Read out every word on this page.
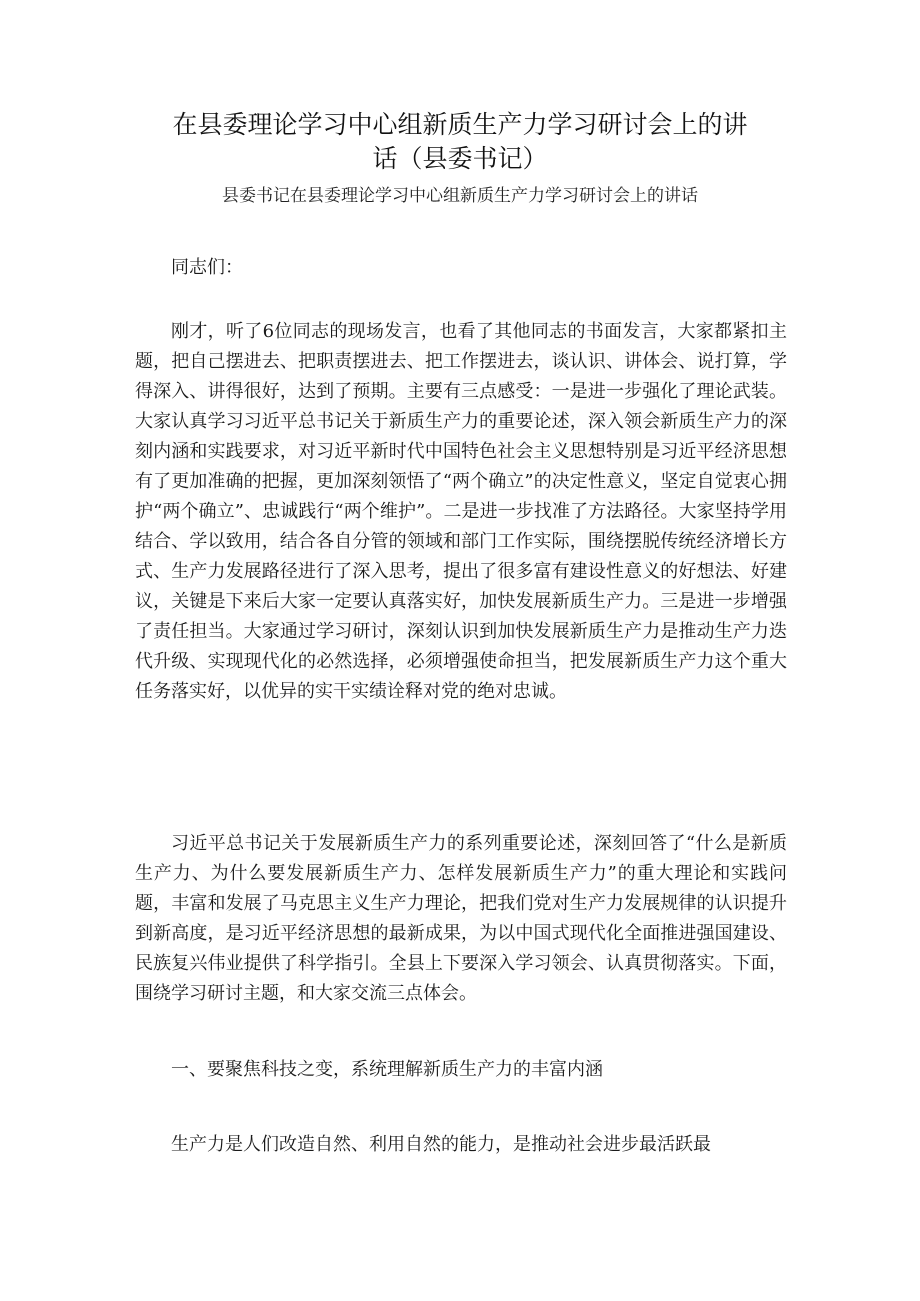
在县委理论学习中心组新质生产力学习研讨会上的讲
话（县委书记）

县委书记在县委理论学习中心组新质生产力学习研讨会上的讲话

同志们：

刚才，听了6位同志的现场发言，也看了其他同志的书面发言，大家都紧扣主题，把自己摆进去、把职责摆进去、把工作摆进去，谈认识、讲体会、说打算，学得深入、讲得很好，达到了预期。主要有三点感受：一是进一步强化了理论武装。大家认真学习习近平总书记关于新质生产力的重要论述，深入领会新质生产力的深刻内涵和实践要求，对习近平新时代中国特色社会主义思想特别是习近平经济思想有了更加准确的把握，更加深刻领悟了“两个确立”的决定性意义，坚定自觉衷心拥护“两个确立”、忠诚践行“两个维护”。二是进一步找准了方法路径。大家坚持学用结合、学以致用，结合各自分管的领域和部门工作实际，围绕摆脱传统经济增长方式、生产力发展路径进行了深入思考，提出了很多富有建设性意义的好想法、好建议，关键是下来后大家一定要认真落实好，加快发展新质生产力。三是进一步增强了责任担当。大家通过学习研讨，深刻认识到加快发展新质生产力是推动生产力迭代升级、实现现代化的必然选择，必须增强使命担当，把发展新质生产力这个重大任务落实好，以优异的实干实绩诠释对党的绝对忠诚。

习近平总书记关于发展新质生产力的系列重要论述，深刻回答了“什么是新质生产力、为什么要发展新质生产力、怎样发展新质生产力”的重大理论和实践问题，丰富和发展了马克思主义生产力理论，把我们党对生产力发展规律的认识提升到新高度，是习近平经济思想的最新成果，为以中国式现代化全面推进强国建设、民族复兴伟业提供了科学指引。全县上下要深入学习领会、认真贯彻落实。下面，围绕学习研讨主题，和大家交流三点体会。

一、要聚焦科技之变，系统理解新质生产力的丰富内涵

生产力是人们改造自然、利用自然的能力，是推动社会进步最活跃最
